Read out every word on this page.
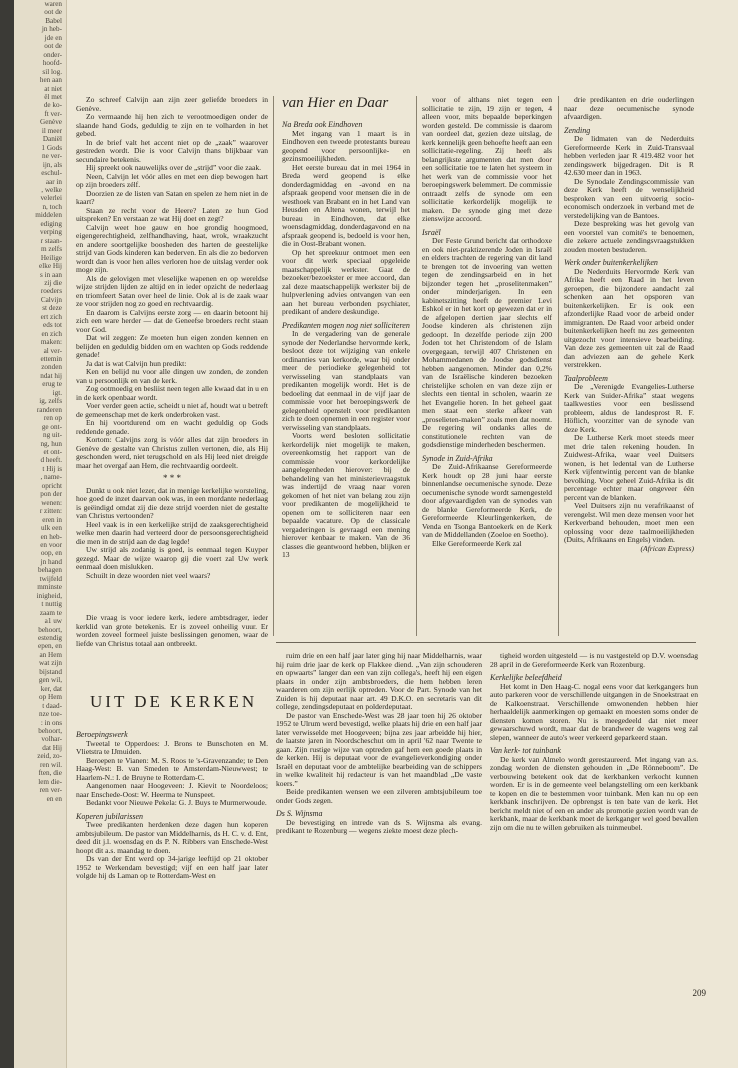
waren
oot de
Babel
jn heb-
jde en
oot de
onder-
hoofd-
sil log.
hen aan
at niet
ël met
de ko-
ft ver-
Genève
il meer
Daniël
1 Gods
ne ver-
ijn, als
eschul-
aar in
, welke
velerlei
n, toch
middelen
ediging
verping
r staan-
m zelfs
Heilige
elke Hij
s in aan
zij die
roeders
Calvijn
st deze
ert zich
eds tot
en zich
maken:
al ver-
ettemin
zonden
ndat hij
erug te
igt.
ig, zelfs
randeren
ren op
ge ont-
ng uit-
ng, hun
et ont-
d heeft.
t Hij is
, name-
opricht
pon der
wenen:
r zitten:
eren in
ulk een
en heb-
en voor
oop, en
jn hand
behagen
twijfeld
mminste
inigheid,
t nuttig
zaam te
a1 uw
behoort,
estendig
epen, en
an Hem
wat zijn
bijstand
gen wil,
ker, dat
op Hem
t daad-
nze toe-
: in ons
behoort,
volhar-
dat Hij
zeid, zo-
ren wil.
ften, die
lem die-
ren ver-
en en

Zo schreef Calvijn aan zijn zeer geliefde broeders in Genève.

Zo vermaande hij hen zich te verootmoedigen onder de slaande hand Gods, geduldig te zijn en te volharden in het gebed.

In de brief valt het accent niet op de „zaak” waarover gestreden wordt. Die is voor Calvijn thans blijkbaar van secundaire betekenis.

Hij spreekt ook nauwelijks over de „strijd” voor die zaak.

Neen, Calvijn let vóór alles en met een diep bewogen hart op zijn broeders zélf.

Doorzien ze de listen van Satan en spelen ze hem niet in de kaart?

Staan ze recht voor de Heere? Laten ze hun God uitspreken? En verstaan ze wat Hij doet en zegt?

Calvijn weet hoe gauw en hoe grondig hoogmoed, eigengerechtigheid, zelfhandhaving, haat, wrok, wraakzucht en andere soortgelijke boosheden des harten de geestelijke strijd van Gods kinderen kan bederven. En als die zo bedorven wordt dan is voor hen alles verloren hoe de uitslag verder ook moge zijn.

Als de gelovigen met vleselijke wapenen en op wereldse wijze strijden lijden ze altijd en in ieder opzicht de nederlaag en triomfeert Satan over heel de linie. Ook al is de zaak waar ze voor strijden nog zo goed en rechtvaardig.

En daarom is Calvijns eerste zorg — en daarin betoont hij zich een ware herder — dat de Geneefse broeders recht staan voor God.

Dat wil zeggen: Ze moeten hun eigen zonden kennen en belijden en geduldig bidden om en wachten op Gods reddende genade!

Ja dat is wat Calvijn hun predikt:

Ken en belijd nu voor alle dingen uw zonden, de zonden van u persoonlijk en van de kerk.

Zog ootmoedig en besliist neen tegen alle kwaad dat in u en in de kerk openbaar wordt.

Voer verder geen actie, scheidt u niet af, houdt wat u betreft de gemeenschap met de kerk onderbroken vast.

En hij voortdurend om en wacht geduldig op Gods reddende genade.

Kortom: Calvijns zorg is vóór alles dat zijn broeders in Genève de gestalte van Christus zullen vertonen, die, als Hij geschonden werd, niet terugschold en als Hij leed niet dreigde maar het overgaf aan Hem, die rechtvaardig oordeelt.

* * *

Dunkt u ook niet lezer, dat in menige kerkelijke worsteling, hoe goed de inzet daarvan ook was, in een mordante nederlaag is geëindigd omdat zij die deze strijd voerden niet de gestalte van Christus vertoonden?

Heel vaak is in een kerkelijke strijd de zaaksgerechtigheid welke men daarin had verteerd door de persoonsgerechtigheid die men in de strijd aan de dag legde!

Uw strijd als zodanig is goed, is eenmaal tegen Kuyper gezegd. Maar de wijze waarop gij die voert zal Uw werk eenmaal doen mislukken.

Schuilt in deze woorden niet veel waars?

van Hier en Daar

Na Breda ook Eindhoven

Met ingang van 1 maart is in Eindhoven een tweede protestants bureau geopend voor persoonlijke- en gezinsmoeilijkheden.

Het eerste bureau dat in mei 1964 in Breda werd geopend is elke donderdagmiddag en -avond en na afspraak geopend voor mensen die in de westhoek van Brabant en in het Land van Heusden en Altena wonen, terwijl het bureau in Eindhoven, dat elke woensdagmiddag, donderdagavond en na afspraak geopend is, bedoeld is voor hen, die in Oost-Brabant wonen.

Op het spreekuur ontmoet men een voor dit werk speciaal opgeleide maatschappelijk werkster. Gaat de bezoeker/bezoekster er mee accoord, dan zal deze maatschappelijk werkster bij de hulpverlening advies ontvangen van een aan het bureau verbonden psychiater, predikant of andere deskundige.

Predikanten mogen nog niet solliciteren

In de vergadering van de generale synode der Nederlandse hervormde kerk, besloot deze tot wijziging van enkele ordinanties van kerkorde, waar bij onder meer de periodieke gelegenheid tot verwisseling van standplaats van predikanten mogelijk wordt. Het is de bedoeling dat eenmaal in de vijf jaar de commissie voor het beroepingswerk de gelegenheid openstelt voor predikanten zich te doen opnemen in een register voor verwisseling van standplaats.

Voorts werd besloten sollicitatie kerkordelijk niet mogelijk te maken, overeenkomstig het rapport van de commissie voor kerkordelijke aangelegenheden hierover: bij de behandeling van het ministerievraagstuk was indertijd de vraag naar voren gekomen of het niet van belang zou zijn voor predikanten de mogelijkheid te openen om te solliciteren naar een bepaalde vacature. Op de classicale vergaderingen is gevraagd een mening hierover kenbaar te maken. Van de 36 classes die geantwoord hebben, blijken er 13

voor of althans niet tegen een sollicitatie te zijn, 19 zijn er tegen, 4 alleen voor, mits bepaalde beperkingen worden gesteld. De commissie is daarom van oordeel dat, gezien deze uitslag, de kerk kennelijk geen behoefte heeft aan een sollicitatie-regeling. Zij heeft als belangrijkste argumenten dat men door een sollicitatie toe te laten het systeem in het werk van de commissie voor het beroepingswerk belemmert. De commissie ontraadt zelfs de synode om een sollicitatie kerkordelijk mogelijk te maken. De synode ging met deze zienswijze accoord.

Israël

Der Feste Grund bericht dat orthodoxe en ook niet-praktizerende Joden in Israël en elders trachten de regering van dit land te brengen tot de invoering van wetten tegen de zendingsarbeid en in het bijzonder tegen het „proselitenmaken” onder minderjarigen. In een kabinetszitting heeft de premier Levi Eshkol er in het kort op gewezen dat er in de afgelopen dertien jaar slechts elf Joodse kinderen als christenen zijn gedoopt. In dezelfde periode zijn 200 Joden tot het Christendom of de Islam overgegaan, terwijl 407 Christenen en Mohammedanen de Joodse godsdienst hebben aangenomen. Minder dan 0,2% van de Israëlische kinderen bezoeken christelijke scholen en van deze zijn er slechts een tiental in scholen, waarin ze het Evangelie horen. In het geheel gaat men staat een sterke afkeer van „proselieten-maken” zoals men dat noemt. De regering wil ondanks alles de constitutionele rechten van de godsdienstige minderheden beschermen.

Synode in Zuid-Afrika

De Zuid-Afrikaanse Gereformeerde Kerk houdt op 28 juni haar eerste binnenlandse oecumenische synode. Deze oecumenische synode wordt samengesteld door afgevaardigden van de synodes van de blanke Gereformeerde Kerk, de Gereformeerde Kleurlingenkerken, de Venda en Tsonga Bantoekerk en de Kerk van de Middellanden (Zoeloe en Soetho).

Elke Gereformeerde Kerk zal

drie predikanten en drie ouderlingen naar deze oecumenische synode afvaardigen.

Zending

De lidmaten van de Nederduits Gereformeerde Kerk in Zuid-Transvaal hebben verleden jaar R 419.482 voor het zendingswerk bijgedragen. Dit is R 42.630 meer dan in 1963.

De Synodale Zendingscommissie van deze Kerk heeft de wenselijkheid besproken van een uitvoerig socio-economisch onderzoek in verband met de verstedelijking van de Bantoes.

Deze bespreking was het gevolg van een voorstel van comité's te benoemen, die zekere actuele zendingsvraagstukken zouden moeten bestuderen.

Werk onder buitenkerkelijken

De Nederduits Hervormde Kerk van Afrika heeft een Raad in het leven geroepen, die bijzondere aandacht zal schenken aan het opsporen van buitenkerkelijken. Er is ook een afzonderlijke Raad voor de arbeid onder immigranten. De Raad voor arbeid onder buitenkerkelijken heeft nu zes gemeenten uitgezocht voor intensieve bearbeiding. Van deze zes gemeenten uit zal de Raad dan adviezen aan de gehele Kerk verstrekken.

Taalprobleem

De „Verenigde Evangelies-Lutherse Kerk van Suider-Afrika” staat wegens taalkwesties voor een beslissend probleem, aldus de landesprost R. F. Höflich, voorzitter van de synode van deze Kerk.

De Lutherse Kerk moet steeds meer met drie talen rekening houden. In Zuidwest-Afrika, waar veel Duitsers wonen, is het ledental van de Lutherse Kerk vijfentwintig percent van de blanke bevolking. Voor geheel Zuid-Afrika is dit percentage echter maar ongeveer één percent van de blanken.

Veel Duitsers zijn nu verafrikaanst of verengelst. Wil men deze mensen voor het Kerkverband behouden, moet men een oplossing voor deze taalmoeilijkheden (Duits, Afrikaans en Engels) vinden.

(African Express)

Die vraag is voor iedere kerk, iedere ambtsdrager, ieder kerklid van grote betekenis. Er is zoveel onheilig vuur. Er worden zoveel formeel juiste beslissingen genomen, waar de liefde van Christus totaal aan ontbreekt.

UIT DE KERKEN

Beroepingswerk

Tweetal te Opperdoes: J. Brons te Bunschoten en M. Vlietstra te IJmuiden.

Beroepen te Vianen: M. S. Roos te 's-Gravenzande; te Den Haag-West: B. van Smeden te Amsterdam-Nieuwwest; te Haarlem-N.: I. de Bruyne te Rotterdam-C.

Aangenomen naar Hoogeveen: J. Kievit te Noordeloos; naar Enschede-Oost: W. Heerma te Nunspeet.

Bedankt voor Nieuwe Pekela: G. J. Buys te Murmerwoude.

Koperen jubilarissen

Twee predikanten herdenken deze dagen hun koperen ambtsjubileum. De pastor van Middelharnis, ds H. C. v. d. Ent, deed dit j.l. woensdag en ds P. N. Ribbers van Enschede-West hoopt dit a.s. maandag te doen.

Ds van der Ent werd op 34-jarige leeftijd op 21 oktober 1952 te Werkendam bevestigd; vijf en een half jaar later volgde hij ds Laman op te Rotterdam-West en

ruim drie en een half jaar later ging hij naar Middelharnis, waar hij ruim drie jaar de kerk op Flakkee diend. „Van zijn schouderen en opwaarts” langer dan een van zijn collega's, heeft hij een eigen plaats in onder zijn ambtsbroeders, die hem hebben leren waarderen om zijn eerlijk optreden. Voor de Part. Synode van het Zuiden is hij deputaat naar art. 49 D.K.O. en secretaris van dit college, zendingsdeputaat en polderdeputaat.

De pastor van Enschede-West was 28 jaar toen hij 26 oktober 1952 te Ulrum werd bevestigd, welke plaats hij drie en een half jaar later verwisselde met Hoogeveen; bijna zes jaar arbeidde hij hier, de laatste jaren in Noordscheschut om in april '62 naar Twente te gaan. Zijn rustige wijze van optreden gaf hem een goede plaats in de kerken. Hij is deputaat voor de evangelieverkondiging onder Israël en deputaat voor de ambtelijke bearbeiding van de schippers in welke kwaliteit hij redacteur is van het maandblad „De vaste koers.”

Beide predikanten wensen we een zilveren ambtsjubileum toe onder Gods zegen.

Ds S. Wijnsma

De bevestiging en intrede van ds S. Wijnsma als evang. predikant te Rozenburg — wegens ziekte moest deze plech-

tigheid worden uitgesteld — is nu vastgesteld op D.V. woensdag 28 april in de Gereformeerde Kerk van Rozenburg.

Kerkelijke beleefdheid

Het komt in Den Haag-C. nogal eens voor dat kerkgangers hun auto parkeren voor de verschillende uitgangen in de Snoekstraat en de Kalkoenstraat. Verschillende omwonenden hebben hier herhaaldelijk aanmerkingen op gemaakt en moesten soms onder de diensten komen storen. Nu is meegedeeld dat niet meer gewaarschuwd wordt, maar dat de brandweer de wagens weg zal slepen, wanneer de auto's weer verkeerd geparkeerd staan.

Van kerk- tot tuinbank

De kerk van Almelo wordt gerestaureerd. Met ingang van a.s. zondag worden de diensten gehouden in „De Rönneboom”. De verbouwing betekent ook dat de kerkbanken verkocht kunnen worden. Er is in de gemeente veel belangstelling om een kerkbank te kopen en die te bestemmen voor tuinbank. Men kan nu op een kerkbank inschrijven. De opbrengst is ten bate van de kerk. Het bericht meldt niet of een en ander als promotie gezien wordt van de kerkbank, maar de kerkbank moet de kerkganger wel goed bevallen zijn om die nu te willen gebruiken als tuinmeubel.

209
